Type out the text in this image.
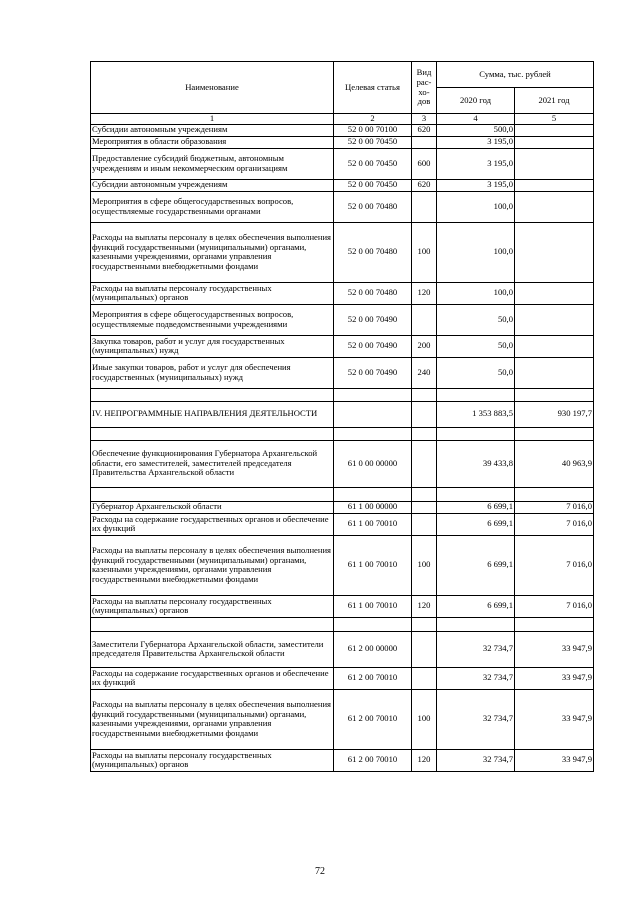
Наименование	Целевая статья	Вид рас- хо- дов	Сумма, тыс. рублей	
			2020 год	2021 год
1	2	3	4	5
Субсидии автономным учреждениям	52 0 00 70100	620	500,0	
Мероприятия в области образования	52 0 00 70450		3 195,0	
Предоставление субсидий бюджетным, автономным учреждениям и иным некоммерческим организациям	52 0 00 70450	600	3 195,0	
Субсидии автономным учреждениям	52 0 00 70450	620	3 195,0	
Мероприятия в сфере общегосударственных вопросов, осуществляемые государственными органами	52 0 00 70480		100,0	
Расходы на выплаты персоналу в целях обеспечения выполнения функций государственными (муниципальными) органами, казенными учреждениями, органами управления государственными внебюджетными фондами	52 0 00 70480	100	100,0	
Расходы на выплаты персоналу государственных (муниципальных) органов	52 0 00 70480	120	100,0	
Мероприятия в сфере общегосударственных вопросов, осуществляемые подведомственными учреждениями	52 0 00 70490		50,0	
Закупка товаров, работ и услуг для государственных (муниципальных) нужд	52 0 00 70490	200	50,0	
Иные закупки товаров, работ и услуг для обеспечения государственных (муниципальных) нужд	52 0 00 70490	240	50,0	

IV. НЕПРОГРАММНЫЕ НАПРАВЛЕНИЯ ДЕЯТЕЛЬНОСТИ			1 353 883,5	930 197,7

Обеспечение функционирования Губернатора Архангельской области, его заместителей, заместителей председателя Правительства Архангельской области	61 0 00 00000		39 433,8	40 963,9

Губернатор Архангельской области	61 1 00 00000		6 699,1	7 016,0
Расходы на содержание государственных органов и обеспечение их функций	61 1 00 70010		6 699,1	7 016,0
Расходы на выплаты персоналу в целях обеспечения выполнения функций государственными (муниципальными) органами, казенными учреждениями, органами управления государственными внебюджетными фондами	61 1 00 70010	100	6 699,1	7 016,0
Расходы на выплаты персоналу государственных (муниципальных) органов	61 1 00 70010	120	6 699,1	7 016,0

Заместители Губернатора Архангельской области, заместители председателя Правительства Архангельской области	61 2 00 00000		32 734,7	33 947,9
Расходы на содержание государственных органов и обеспечение их функций	61 2 00 70010		32 734,7	33 947,9
Расходы на выплаты персоналу в целях обеспечения выполнения функций государственными (муниципальными) органами, казенными учреждениями, органами управления государственными внебюджетными фондами	61 2 00 70010	100	32 734,7	33 947,9
Расходы на выплаты персоналу государственных (муниципальных) органов	61 2 00 70010	120	32 734,7	33 947,9
72
